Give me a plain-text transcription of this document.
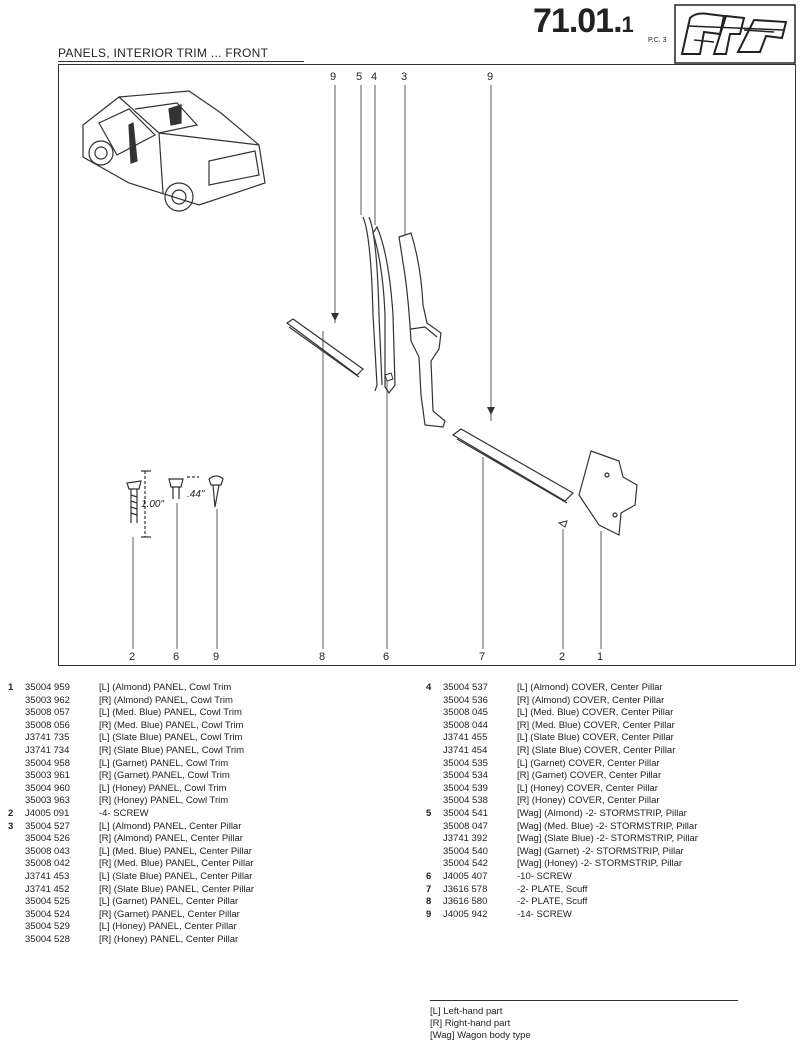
71.01.1
P.C. 3
PANELS, INTERIOR TRIM ... FRONT
9 5 4 3	9
2	6	9	8	6	7	2	1
1.00"
.44"
1 35004 959	[L] (Almond) PANEL, Cowl Trim
35003 962	[R] (Almond) PANEL, Cowl Trim
35008 057	[L] (Med. Blue) PANEL, Cowl Trim
35008 056	[R] (Med. Blue) PANEL, Cowl Trim
J3741 735	[L] (Slate Blue) PANEL, Cowl Trim
J3741 734	[R] (Slate Blue) PANEL, Cowl Trim
35004 958	[L] (Garnet) PANEL, Cowl Trim
35003 961	[R] (Garnet) PANEL, Cowl Trim
35004 960	[L] (Honey) PANEL, Cowl Trim
35003 963	[R] (Honey) PANEL, Cowl Trim
2 J4005 091	-4- SCREW
3 35004 527	[L] (Almond) PANEL, Center Pillar
35004 526	[R] (Almond) PANEL, Center Pillar
35008 043	[L] (Med. Blue) PANEL, Center Pillar
35008 042	[R] (Med. Blue) PANEL, Center Pillar
J3741 453	[L] (Slate Blue) PANEL, Center Pillar
J3741 452	[R] (Slate Blue) PANEL, Center Pillar
35004 525	[L] (Garnet) PANEL, Center Pillar
35004 524	[R] (Garnet) PANEL, Center Pillar
35004 529	[L] (Honey) PANEL, Center Pillar
35004 528	[R] (Honey) PANEL, Center Pillar
4 35004 537	[L] (Almond) COVER, Center Pillar
35004 536	[R] (Almond) COVER, Center Pillar
35008 045	[L] (Med. Blue) COVER, Center Pillar
35008 044	[R] (Med. Blue) COVER, Center Pillar
J3741 455	[L] (Slate Blue) COVER, Center Pillar
J3741 454	[R] (Slate Blue) COVER, Center Pillar
35004 535	[L] (Garnet) COVER, Center Pillar
35004 534	[R] (Garnet) COVER, Center Pillar
35004 539	[L] (Honey) COVER, Center Pillar
35004 538	[R] (Honey) COVER, Center Pillar
5 35004 541	[Wag] (Almond) -2- STORMSTRIP, Pillar
35008 047	[Wag] (Med. Blue) -2- STORMSTRIP, Pillar
J3741 392	[Wag] (Slate Blue) -2- STORMSTRIP, Pillar
35004 540	[Wag] (Garnet) -2- STORMSTRIP, Pillar
35004 542	[Wag] (Honey) -2- STORMSTRIP, Pillar
6 J4005 407	-10- SCREW
7 J3616 578	-2- PLATE, Scuff
8 J3616 580	-2- PLATE, Scuff
9 J4005 942	-14- SCREW
[L] Left-hand part
[R] Right-hand part
[Wag] Wagon body type
